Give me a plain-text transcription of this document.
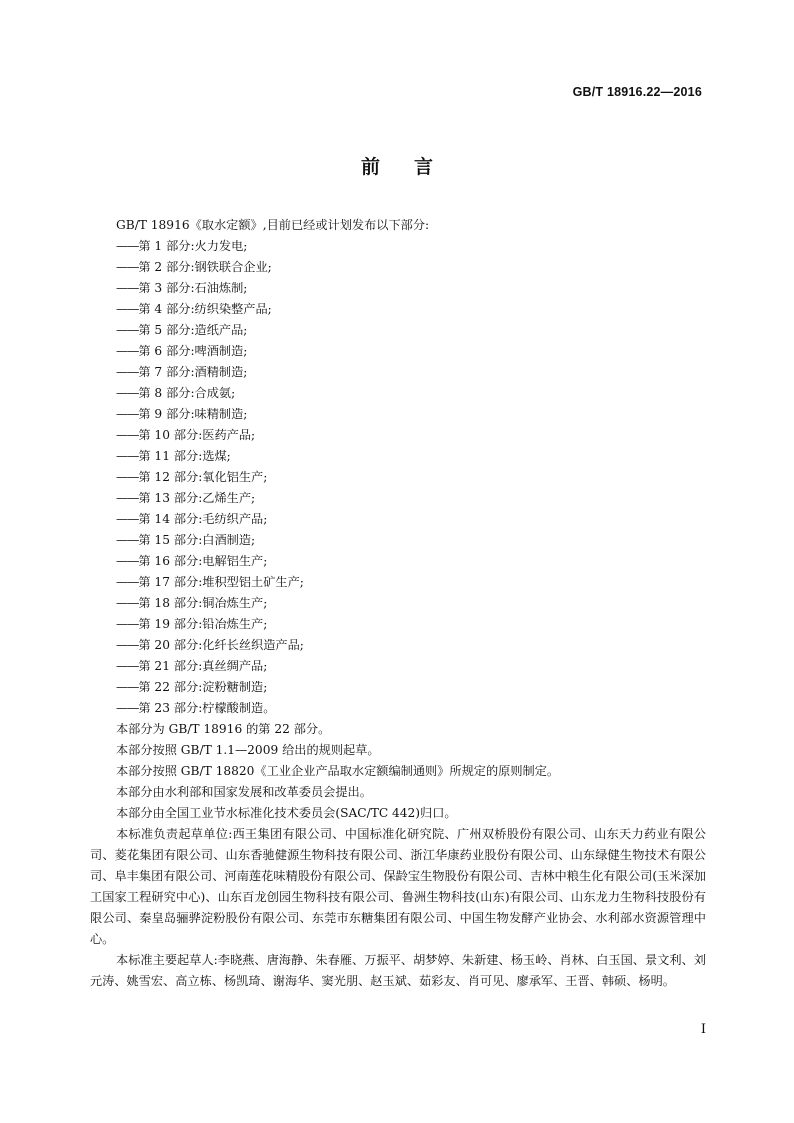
GB/T 18916.22—2016
前言

GB/T 18916《取水定额》,目前已经或计划发布以下部分:

——第 1 部分:火力发电;

——第 2 部分:钢铁联合企业;

——第 3 部分:石油炼制;

——第 4 部分:纺织染整产品;

——第 5 部分:造纸产品;

——第 6 部分:啤酒制造;

——第 7 部分:酒精制造;

——第 8 部分:合成氨;

——第 9 部分:味精制造;

——第 10 部分:医药产品;

——第 11 部分:选煤;

——第 12 部分:氧化铝生产;

——第 13 部分:乙烯生产;

——第 14 部分:毛纺织产品;

——第 15 部分:白酒制造;

——第 16 部分:电解铝生产;

——第 17 部分:堆积型铝土矿生产;

——第 18 部分:铜冶炼生产;

——第 19 部分:铅冶炼生产;

——第 20 部分:化纤长丝织造产品;

——第 21 部分:真丝绸产品;

——第 22 部分:淀粉糖制造;

——第 23 部分:柠檬酸制造。

本部分为 GB/T 18916 的第 22 部分。

本部分按照 GB/T 1.1—2009 给出的规则起草。

本部分按照 GB/T 18820《工业企业产品取水定额编制通则》所规定的原则制定。

本部分由水利部和国家发展和改革委员会提出。

本部分由全国工业节水标准化技术委员会(SAC/TC 442)归口。

本标准负责起草单位:西王集团有限公司、中国标准化研究院、广州双桥股份有限公司、山东天力药业有限公司、菱花集团有限公司、山东香驰健源生物科技有限公司、浙江华康药业股份有限公司、山东绿健生物技术有限公司、阜丰集团有限公司、河南莲花味精股份有限公司、保龄宝生物股份有限公司、吉林中粮生化有限公司(玉米深加工国家工程研究中心)、山东百龙创园生物科技有限公司、鲁洲生物科技(山东)有限公司、山东龙力生物科技股份有限公司、秦皇岛骊骅淀粉股份有限公司、东莞市东糖集团有限公司、中国生物发酵产业协会、水利部水资源管理中心。

本标准主要起草人:李晓燕、唐海静、朱春雁、万振平、胡梦婷、朱新建、杨玉岭、肖林、白玉国、景文利、刘元涛、姚雪宏、高立栋、杨凯琦、谢海华、窦光朋、赵玉斌、茹彩友、肖可见、廖承军、王晋、韩硕、杨明。

I
